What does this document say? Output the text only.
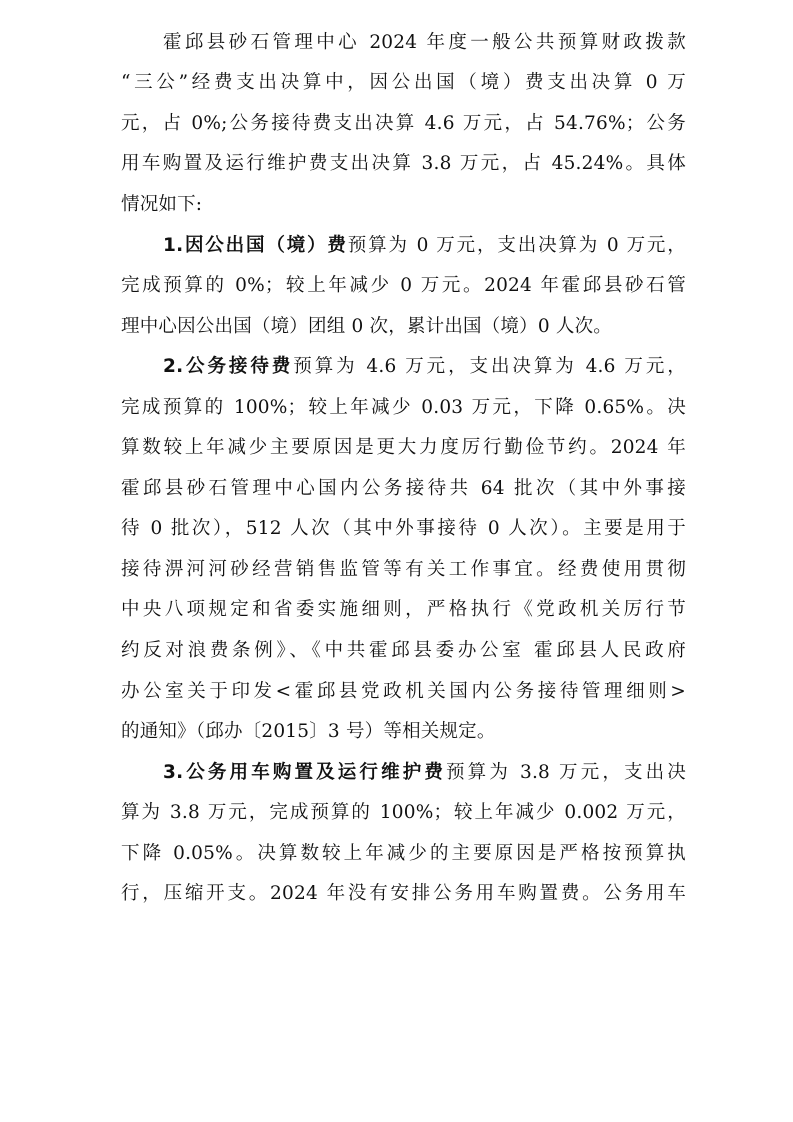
霍邱县砂石管理中心 2024 年度一般公共预算财政拨款
“三公”经费支出决算中，因公出国（境）费支出决算 0 万
元，占 0%;公务接待费支出决算 4.6 万元，占 54.76%；公务
用车购置及运行维护费支出决算 3.8 万元，占 45.24%。具体
情况如下:
1.因公出国（境）费预算为 0 万元，支出决算为 0 万元，
完成预算的 0%；较上年减少 0 万元。2024 年霍邱县砂石管
理中心因公出国（境）团组 0 次，累计出国（境）0 人次。
2.公务接待费预算为 4.6 万元，支出决算为 4.6 万元，
完成预算的 100%；较上年减少 0.03 万元，下降 0.65%。决
算数较上年减少主要原因是更大力度厉行勤俭节约。2024 年
霍邱县砂石管理中心国内公务接待共 64 批次（其中外事接
待 0 批次），512 人次（其中外事接待 0 人次）。主要是用于
接待淠河河砂经营销售监管等有关工作事宜。经费使用贯彻
中央八项规定和省委实施细则，严格执行《党政机关厉行节
约反对浪费条例》、《中共霍邱县委办公室 霍邱县人民政府
办公室关于印发<霍邱县党政机关国内公务接待管理细则>
的通知》（邱办〔2015〕3 号）等相关规定。
3.公务用车购置及运行维护费预算为 3.8 万元，支出决
算为 3.8 万元，完成预算的 100%；较上年减少 0.002 万元，
下降 0.05%。决算数较上年减少的主要原因是严格按预算执
行，压缩开支。2024 年没有安排公务用车购置费。公务用车
